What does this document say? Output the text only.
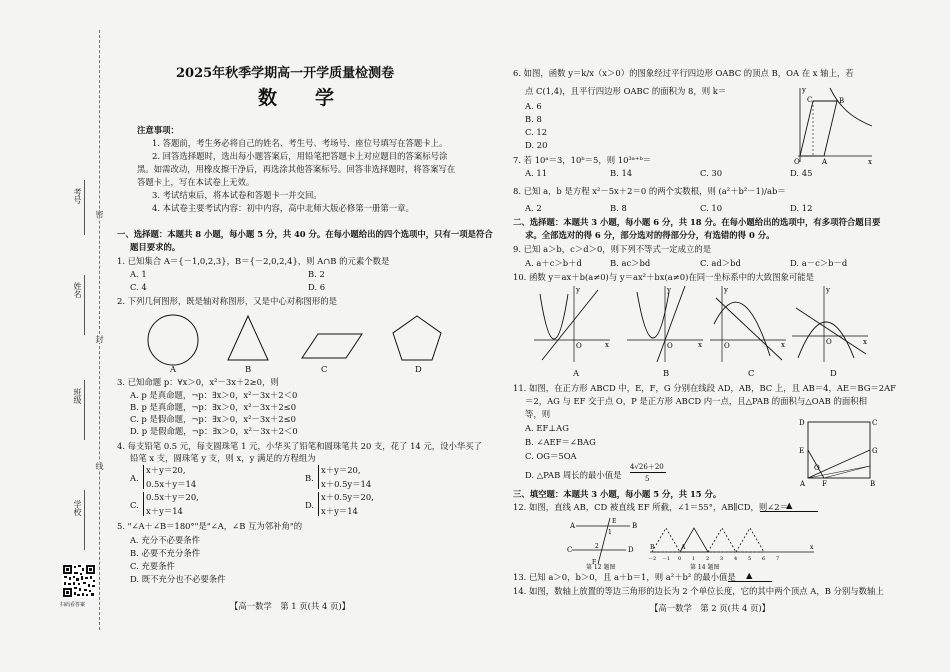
考号
姓名
班级
学校
密
封
线
扫码看答案
2025年秋季学期高一开学质量检测卷
数　　学
注意事项：
1. 答题前，考生务必将自己的姓名、考生号、考场号、座位号填写在答题卡上。
2. 回答选择题时，选出每小题答案后，用铅笔把答题卡上对应题目的答案标号涂
黑。如需改动，用橡皮擦干净后，再选涂其他答案标号。回答非选择题时，将答案写在
答题卡上，写在本试卷上无效。
3. 考试结束后，将本试卷和答题卡一并交回。
4. 本试卷主要考试内容：初中内容，高中北师大版必修第一册第一章。
一、选择题：本题共 8 小题，每小题 5 分，共 40 分。在每小题给出的四个选项中，只有一项是符合
题目要求的。
1. 已知集合 A＝{－1,0,2,3}，B＝{－2,0,2,4}，则 A∩B 的元素个数是
A. 1	B. 2
C. 4	D. 6
2. 下列几何图形，既是轴对称图形，又是中心对称图形的是
A	B	C	D
3. 已知命题 p：∀x＞0，x²－3x＋2≥0，则
A. p 是真命题，¬p：∃x＞0，x²－3x＋2＜0
B. p 是真命题，¬p：∃x＞0，x²－3x＋2≤0
C. p 是假命题，¬p：∃x＞0，x²－3x＋2≤0
D. p 是假命题，¬p：∃x＞0，x²－3x＋2＜0
4. 每支铅笔 0.5 元，每支圆珠笔 1 元，小华买了铅笔和圆珠笔共 20 支，花了 14 元，设小华买了
铅笔 x 支，圆珠笔 y 支，则 x，y 满足的方程组为
A.
x＋y＝20,
0.5x＋y＝14
B.
x＋y＝20,
x＋0.5y＝14
C.
0.5x＋y＝20,
x＋y＝14
D.
x＋0.5y＝20,
x＋y＝14
5. "∠A＋∠B＝180°"是"∠A，∠B 互为邻补角"的
A. 充分不必要条件
B. 必要不充分条件
C. 充要条件
D. 既不充分也不必要条件
【高一数学　第 1 页(共 4 页)】
6. 如图，函数 y＝k/x（x＞0）的图象经过平行四边形 OABC 的顶点 B，OA 在 x 轴上，若
点 C(1,4)，且平行四边形 OABC 的面积为 8，则 k＝
A. 6
B. 8
C. 12
D. 20
y
x
O	A
B
C
7. 若 10ᵃ＝3，10ᵇ＝5，则 10³ᵃ⁺ᵇ＝
A. 11	B. 14	C. 30	D. 45
8. 已知 a，b 是方程 x²－5x＋2＝0 的两个实数根，则 (a²＋b²－1)/ab＝
A. 2	B. 8	C. 10	D. 12
二、选择题：本题共 3 小题，每小题 6 分，共 18 分。在每小题给出的选项中，有多项符合题目要
求。全部选对的得 6 分，部分选对的得部分分，有选错的得 0 分。
9. 已知 a＞b，c＞d＞0，则下列不等式一定成立的是
A. a＋c＞b＋d	B. ac＞bd	C. ad＞bd	D. a－c＞b－d
10. 函数 y＝ax＋b(a≠0)与 y＝ax²＋bx(a≠0)在同一坐标系中的大致图象可能是
y
x
O
y
x
O
y
x
O
y
x
O
A	B	C	D
11. 如图，在正方形 ABCD 中，E，F，G 分别在线段 AD，AB，BC 上，且 AB＝4，AE＝BG＝2AF
＝2，AG 与 EF 交于点 O，P 是正方形 ABCD 内一点，且△PAB 的面积与△OAB 的面积相
等，则
A. EF⊥AG
B. ∠AEF＝∠BAG
C. OG＝5OA
D. △PAB 周长的最小值是
4√26＋20
5
D	C
E	G
O
A F	B
三、填空题：本题共 3 小题，每小题 5 分，共 15 分。
12. 如图，直线 AB，CD 被直线 EF 所截，∠1＝55°，AB∥CD，则∠2＝
▲
A	B
C	D
E
F
1
2
第 12 题图
B	A	x
－2 －1 0 1 2 3 4 5 6 7
第 14 题图
13. 已知 a＞0，b＞0，且 a＋b＝1，则 a²＋b² 的最小值是 ▲
14. 如图，数轴上放置的等边三角形的边长为 2 个单位长度，它的其中两个顶点 A，B 分别与数轴上
【高一数学　第 2 页(共 4 页)】
